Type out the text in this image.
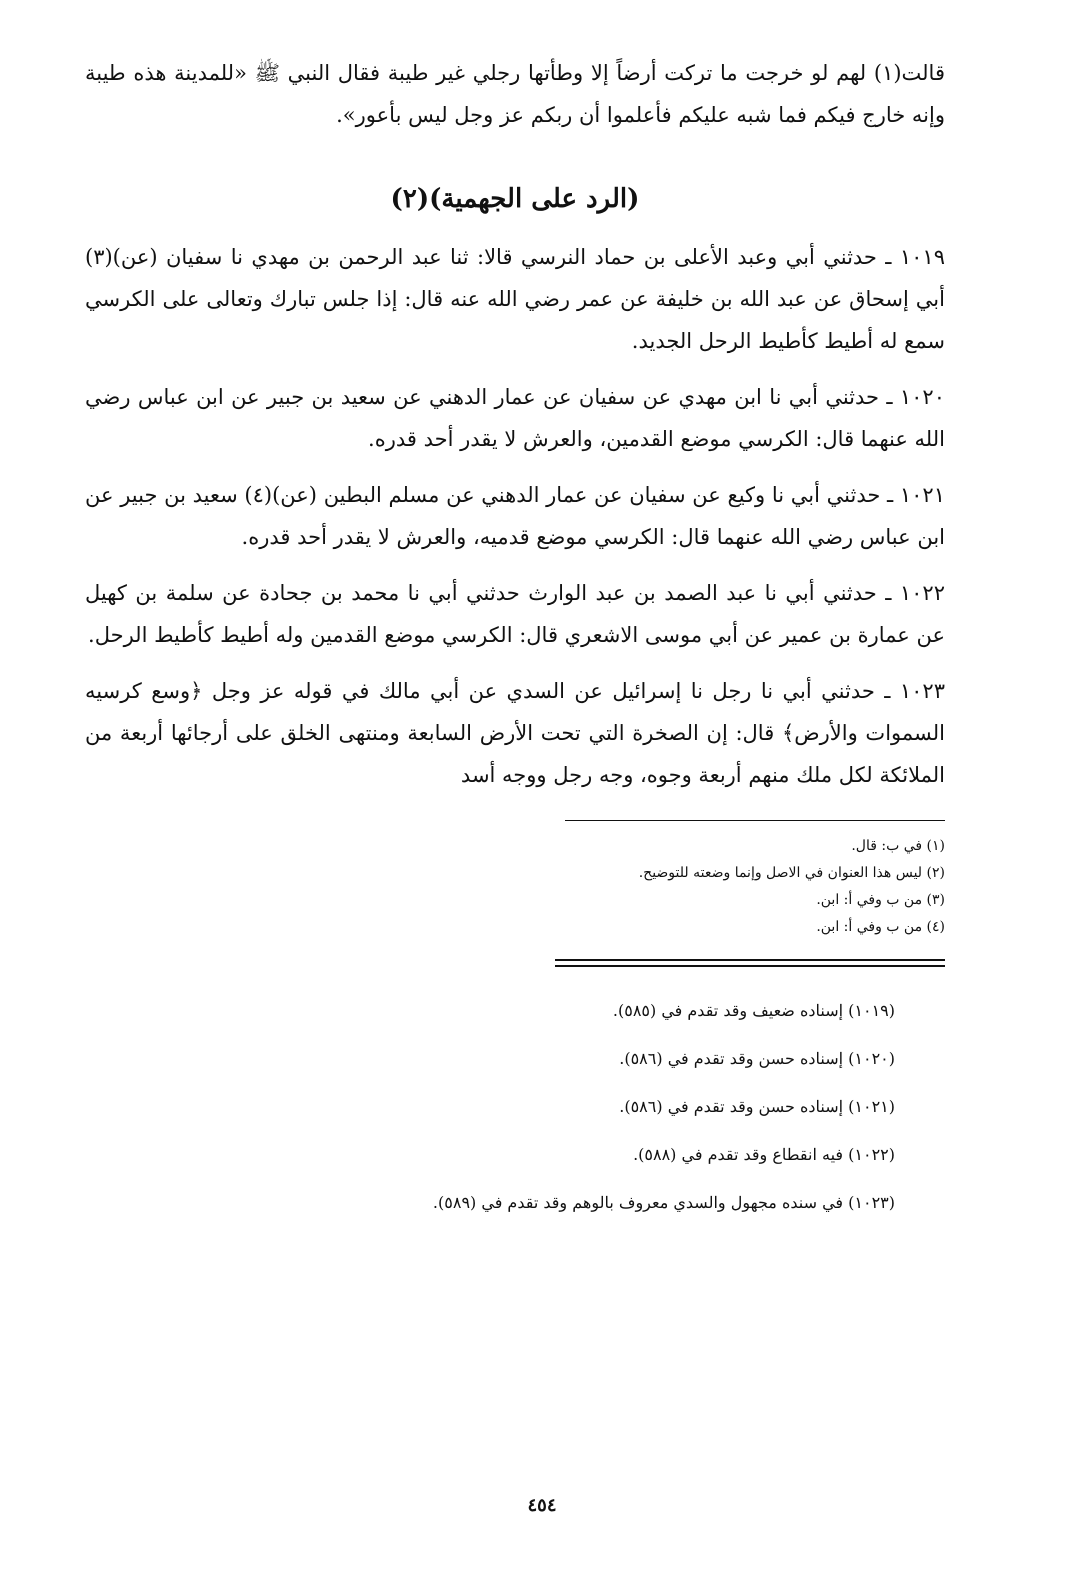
قالت(١) لهم لو خرجت ما تركت أرضاً إلا وطأتها رجلي غير طيبة فقال النبي ﷺ «للمدينة هذه طيبة وإنه خارج فيكم فما شبه عليكم فأعلموا أن ربكم عز وجل ليس بأعور».

(الرد على الجهمية)(٢)

١٠١٩ ـ حدثني أبي وعبد الأعلى بن حماد النرسي قالا: ثنا عبد الرحمن بن مهدي نا سفيان (عن)(٣) أبي إسحاق عن عبد الله بن خليفة عن عمر رضي الله عنه قال: إذا جلس تبارك وتعالى على الكرسي سمع له أطيط كأطيط الرحل الجديد.

١٠٢٠ ـ حدثني أبي نا ابن مهدي عن سفيان عن عمار الدهني عن سعيد بن جبير عن ابن عباس رضي الله عنهما قال: الكرسي موضع القدمين، والعرش لا يقدر أحد قدره.

١٠٢١ ـ حدثني أبي نا وكيع عن سفيان عن عمار الدهني عن مسلم البطين (عن)(٤) سعيد بن جبير عن ابن عباس رضي الله عنهما قال: الكرسي موضع قدميه، والعرش لا يقدر أحد قدره.

١٠٢٢ ـ حدثني أبي نا عبد الصمد بن عبد الوارث حدثني أبي نا محمد بن جحادة عن سلمة بن كهيل عن عمارة بن عمير عن أبي موسى الاشعري قال: الكرسي موضع القدمين وله أطيط كأطيط الرحل.

١٠٢٣ ـ حدثني أبي نا رجل نا إسرائيل عن السدي عن أبي مالك في قوله عز وجل ﴿وسع كرسيه السموات والأرض﴾ قال: إن الصخرة التي تحت الأرض السابعة ومنتهى الخلق على أرجائها أربعة من الملائكة لكل ملك منهم أربعة وجوه، وجه رجل ووجه أسد

(١) في ب: قال.
(٢) ليس هذا العنوان في الاصل وإنما وضعته للتوضيح.
(٣) من ب وفي أ: ابن.
(٤) من ب وفي أ: ابن.
(١٠١٩) إسناده ضعيف وقد تقدم في (٥٨٥).
(١٠٢٠) إسناده حسن وقد تقدم في (٥٨٦).
(١٠٢١) إسناده حسن وقد تقدم في (٥٨٦).
(١٠٢٢) فيه انقطاع وقد تقدم في (٥٨٨).
(١٠٢٣) في سنده مجهول والسدي معروف بالوهم وقد تقدم في (٥٨٩).
٤٥٤
